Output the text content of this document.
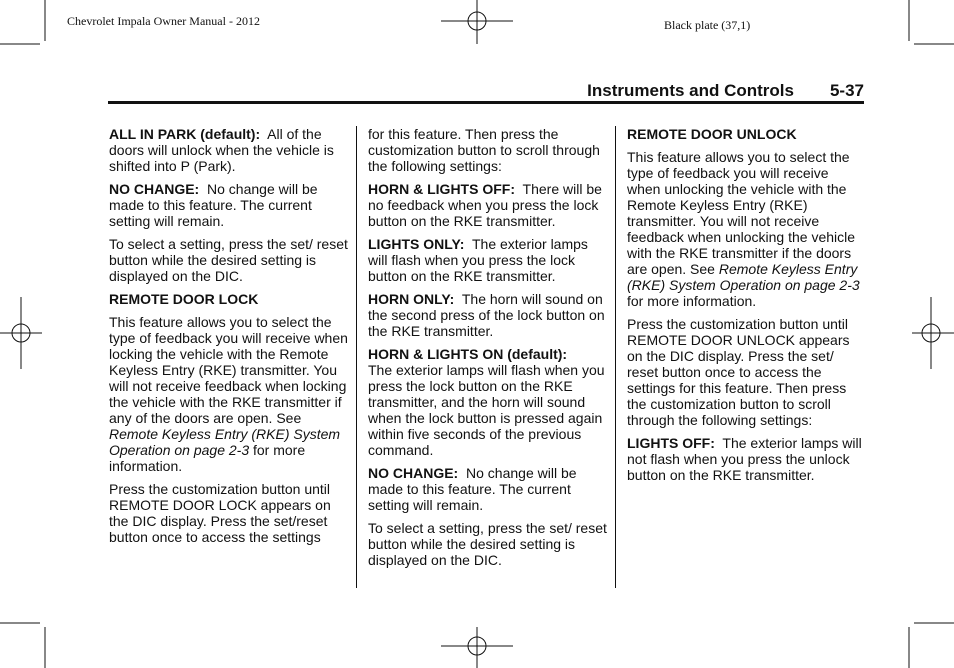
Chevrolet Impala Owner Manual - 2012	Black plate (37,1)
Instruments and Controls 5-37

ALL IN PARK (default): All of the doors will unlock when the vehicle is shifted into P (Park).

NO CHANGE: No change will be made to this feature. The current setting will remain.

To select a setting, press the set/ reset button while the desired setting is displayed on the DIC.

REMOTE DOOR LOCK

This feature allows you to select the type of feedback you will receive when locking the vehicle with the Remote Keyless Entry (RKE) transmitter. You will not receive feedback when locking the vehicle with the RKE transmitter if any of the doors are open. See Remote Keyless Entry (RKE) System Operation on page 2-3 for more information.

Press the customization button until REMOTE DOOR LOCK appears on the DIC display. Press the set/reset button once to access the settings

for this feature. Then press the customization button to scroll through the following settings:

HORN & LIGHTS OFF: There will be no feedback when you press the lock button on the RKE transmitter.

LIGHTS ONLY: The exterior lamps will flash when you press the lock button on the RKE transmitter.

HORN ONLY: The horn will sound on the second press of the lock button on the RKE transmitter.

HORN & LIGHTS ON (default):
The exterior lamps will flash when you press the lock button on the RKE transmitter, and the horn will sound when the lock button is pressed again within five seconds of the previous command.

NO CHANGE: No change will be made to this feature. The current setting will remain.

To select a setting, press the set/ reset button while the desired setting is displayed on the DIC.

REMOTE DOOR UNLOCK

This feature allows you to select the type of feedback you will receive when unlocking the vehicle with the Remote Keyless Entry (RKE) transmitter. You will not receive feedback when unlocking the vehicle with the RKE transmitter if the doors are open. See Remote Keyless Entry (RKE) System Operation on page 2-3 for more information.

Press the customization button until REMOTE DOOR UNLOCK appears on the DIC display. Press the set/ reset button once to access the settings for this feature. Then press the customization button to scroll through the following settings:

LIGHTS OFF: The exterior lamps will not flash when you press the unlock button on the RKE transmitter.
